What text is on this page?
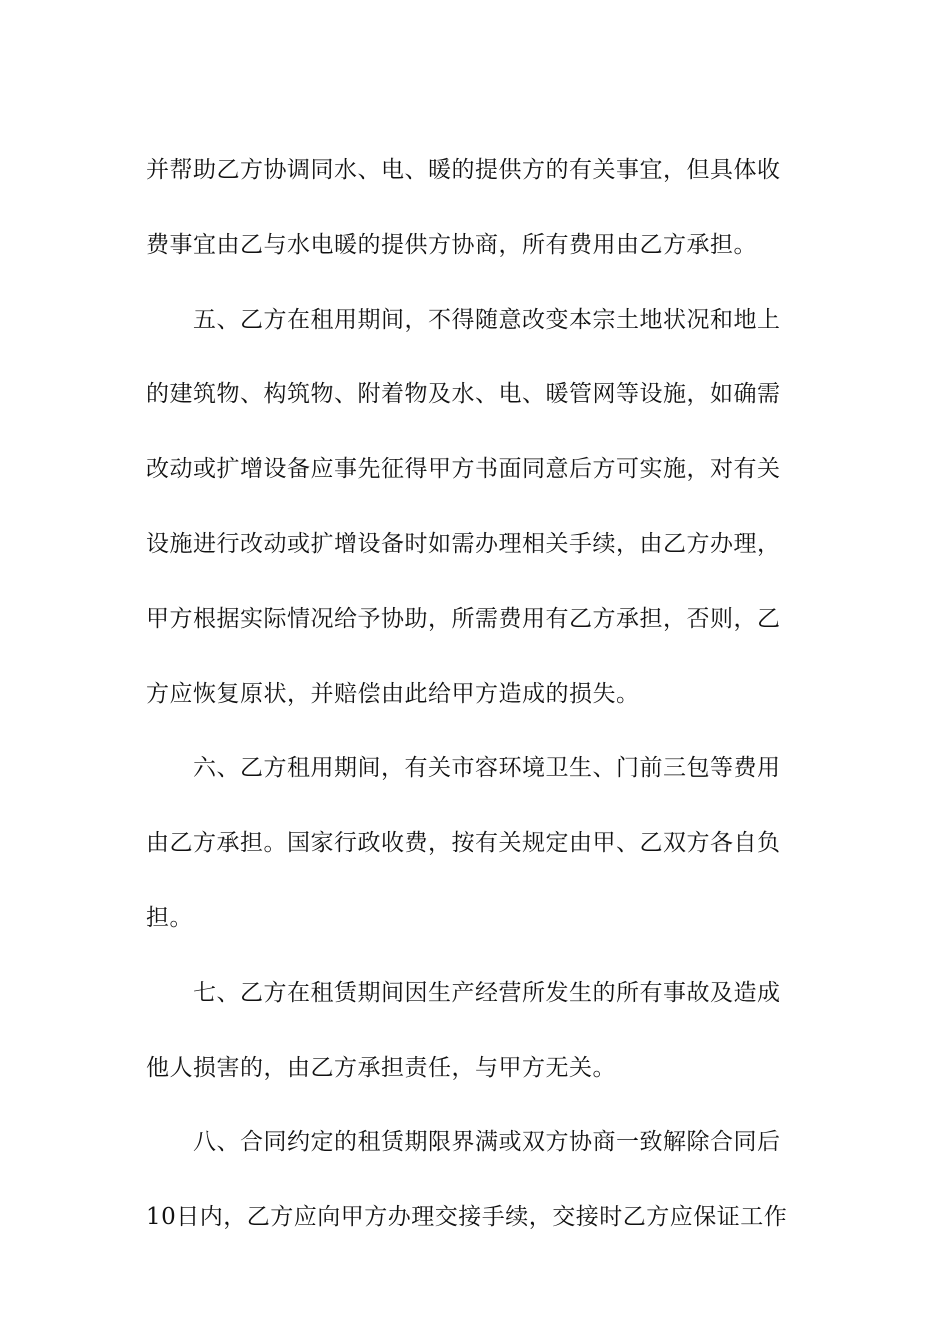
并帮助乙方协调同水、电、暖的提供方的有关事宜，但具体收
费事宜由乙与水电暖的提供方协商，所有费用由乙方承担。
五、乙方在租用期间，不得随意改变本宗土地状况和地上
的建筑物、构筑物、附着物及水、电、暖管网等设施，如确需
改动或扩增设备应事先征得甲方书面同意后方可实施，对有关
设施进行改动或扩增设备时如需办理相关手续，由乙方办理，
甲方根据实际情况给予协助，所需费用有乙方承担，否则，乙
方应恢复原状，并赔偿由此给甲方造成的损失。
六、乙方租用期间，有关市容环境卫生、门前三包等费用
由乙方承担。国家行政收费，按有关规定由甲、乙双方各自负
担。
七、乙方在租赁期间因生产经营所发生的所有事故及造成
他人损害的，由乙方承担责任，与甲方无关。
八、合同约定的租赁期限界满或双方协商一致解除合同后
10日内，乙方应向甲方办理交接手续，交接时乙方应保证工作
